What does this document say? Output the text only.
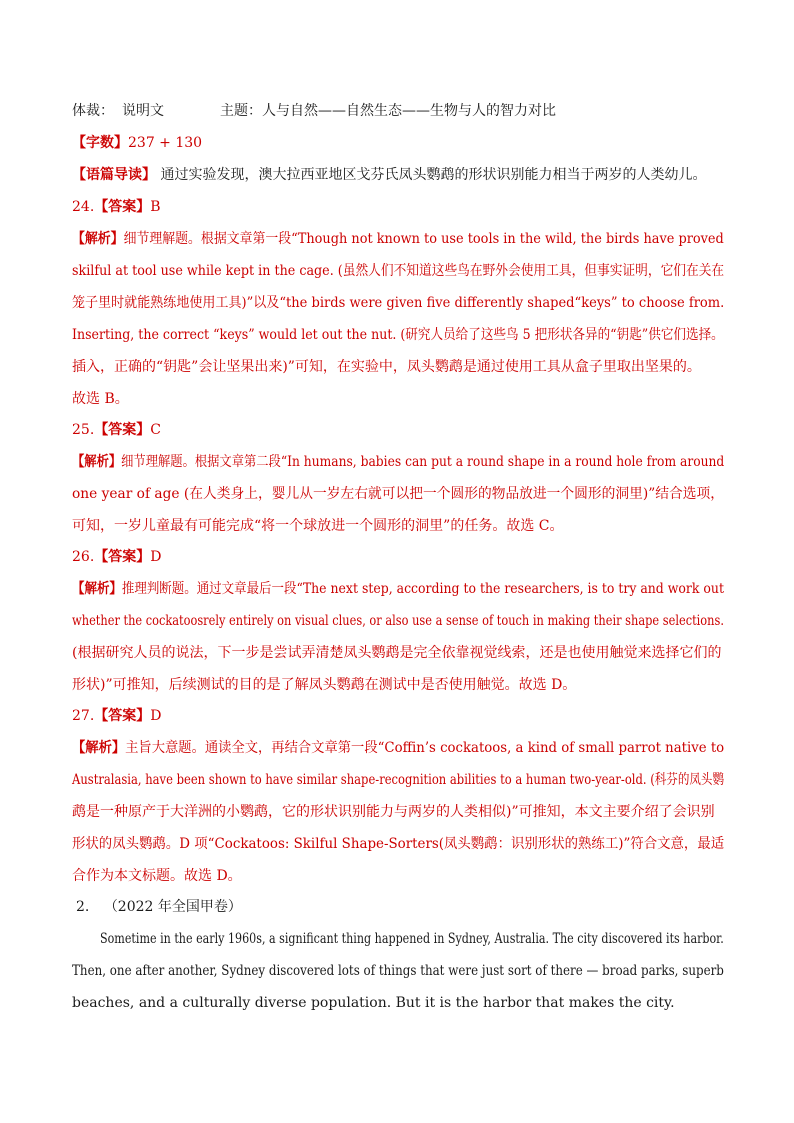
体裁： 说明文	主题：人与自然——自然生态——生物与人的智力对比
【字数】237 + 130
【语篇导读】 通过实验发现，澳大拉西亚地区戈芬氏凤头鹦鹉的形状识别能力相当于两岁的人类幼儿。
24.【答案】B
【解析】细节理解题。根据文章第一段“Though not known to use tools in the wild, the birds have proved
skilful at tool use while kept in the cage. (虽然人们不知道这些鸟在野外会使用工具，但事实证明，它们在关在
笼子里时就能熟练地使用工具)”以及“the birds were given five differently shaped“keys” to choose from.
Inserting, the correct “keys” would let out the nut. (研究人员给了这些鸟 5 把形状各异的“钥匙”供它们选择。
插入，正确的“钥匙”会让坚果出来)”可知，在实验中，凤头鹦鹉是通过使用工具从盒子里取出坚果的。
故选 B。
25.【答案】C
【解析】细节理解题。根据文章第二段“In humans, babies can put a round shape in a round hole from around
one year of age (在人类身上，婴儿从一岁左右就可以把一个圆形的物品放进一个圆形的洞里)”结合选项，
可知，一岁儿童最有可能完成“将一个球放进一个圆形的洞里”的任务。故选 C。
26.【答案】D
【解析】推理判断题。通过文章最后一段“The next step, according to the researchers, is to try and work out
whether the cockatoosrely entirely on visual clues, or also use a sense of touch in making their shape selections.
(根据研究人员的说法，下一步是尝试弄清楚凤头鹦鹉是完全依靠视觉线索，还是也使用触觉来选择它们的
形状)”可推知，后续测试的目的是了解凤头鹦鹉在测试中是否使用触觉。故选 D。
27.【答案】D
【解析】主旨大意题。通读全文，再结合文章第一段“Coffin’s cockatoos, a kind of small parrot native to
Australasia, have been shown to have similar shape-recognition abilities to a human two-year-old. (科芬的凤头鹦
鹉是一种原产于大洋洲的小鹦鹉，它的形状识别能力与两岁的人类相似)”可推知，本文主要介绍了会识别
形状的凤头鹦鹉。D 项“Cockatoos: Skilful Shape-Sorters(凤头鹦鹉：识别形状的熟练工)”符合文意，最适
合作为本文标题。故选 D。
2. （2022 年全国甲卷）
Sometime in the early 1960s, a significant thing happened in Sydney, Australia. The city discovered its harbor.
Then, one after another, Sydney discovered lots of things that were just sort of there — broad parks, superb
beaches, and a culturally diverse population. But it is the harbor that makes the city.
